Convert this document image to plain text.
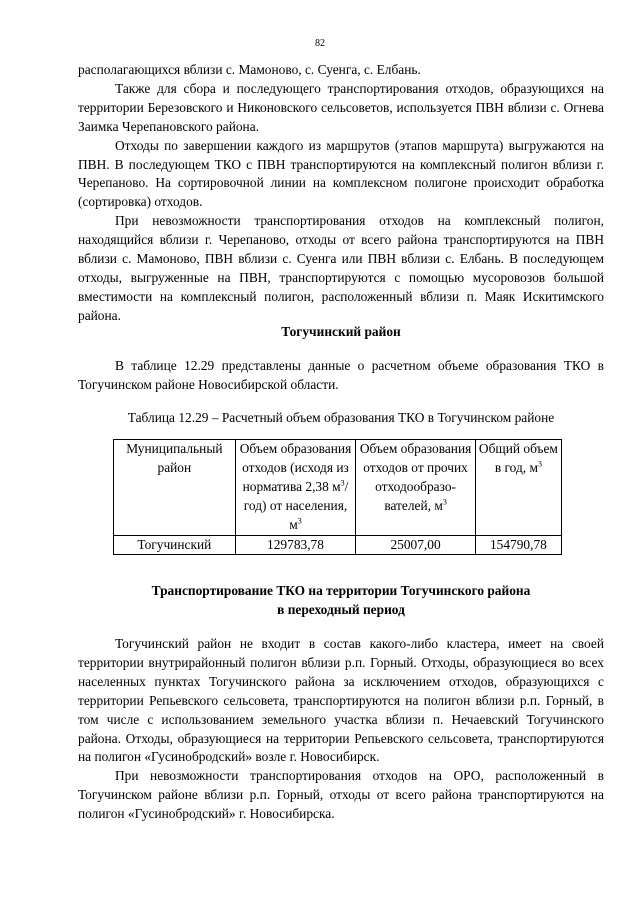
82

располагающихся вблизи с. Мамоново, с. Суенга, с. Елбань.

Также для сбора и последующего транспортирования отходов, образующихся на территории Березовского и Никоновского сельсоветов, используется ПВН вблизи с. Огнева Заимка Черепановского района.

Отходы по завершении каждого из маршрутов (этапов маршрута) выгружаются на ПВН. В последующем ТКО с ПВН транспортируются на комплексный полигон вблизи г. Черепаново. На сортировочной линии на комплексном полигоне происходит обработка (сортировка) отходов.

При невозможности транспортирования отходов на комплексный полигон, находящийся вблизи г. Черепаново, отходы от всего района транспортируются на ПВН вблизи с. Мамоново, ПВН вблизи с. Суенга или ПВН вблизи с. Елбань. В последующем отходы, выгруженные на ПВН, транспортируются с помощью мусоровозов большой вместимости на комплексный полигон, расположенный вблизи п. Маяк Искитимского района.

Тогучинский район

В таблице 12.29 представлены данные о расчетном объеме образования ТКО в Тогучинском районе Новосибирской области.

Таблица 12.29 – Расчетный объем образования ТКО в Тогучинском районе
Муниципальный район	Объем образования отходов (исходя из норматива 2,38 $м^3/год$) от населения, $м^3$	Объем образования отходов от прочих отходообразо-вателей, $м^3$	Общий объем в год, $м^3$
Тогучинский	129783,78	25007,00	154790,78
Транспортирование ТКО на территории Тогучинского района
в переходный период

Тогучинский район не входит в состав какого-либо кластера, имеет на своей территории внутрирайонный полигон вблизи р.п. Горный. Отходы, образующиеся во всех населенных пунктах Тогучинского района за исключением отходов, образующихся с территории Репьевского сельсовета, транспортируются на полигон вблизи р.п. Горный, в том числе с использованием земельного участка вблизи п. Нечаевский Тогучинского района. Отходы, образующиеся на территории Репьевского сельсовета, транспортируются на полигон «Гусинобродский» возле г. Новосибирск.

При невозможности транспортирования отходов на ОРО, расположенный в Тогучинском районе вблизи р.п. Горный, отходы от всего района транспортируются на полигон «Гусинобродский» г. Новосибирска.
